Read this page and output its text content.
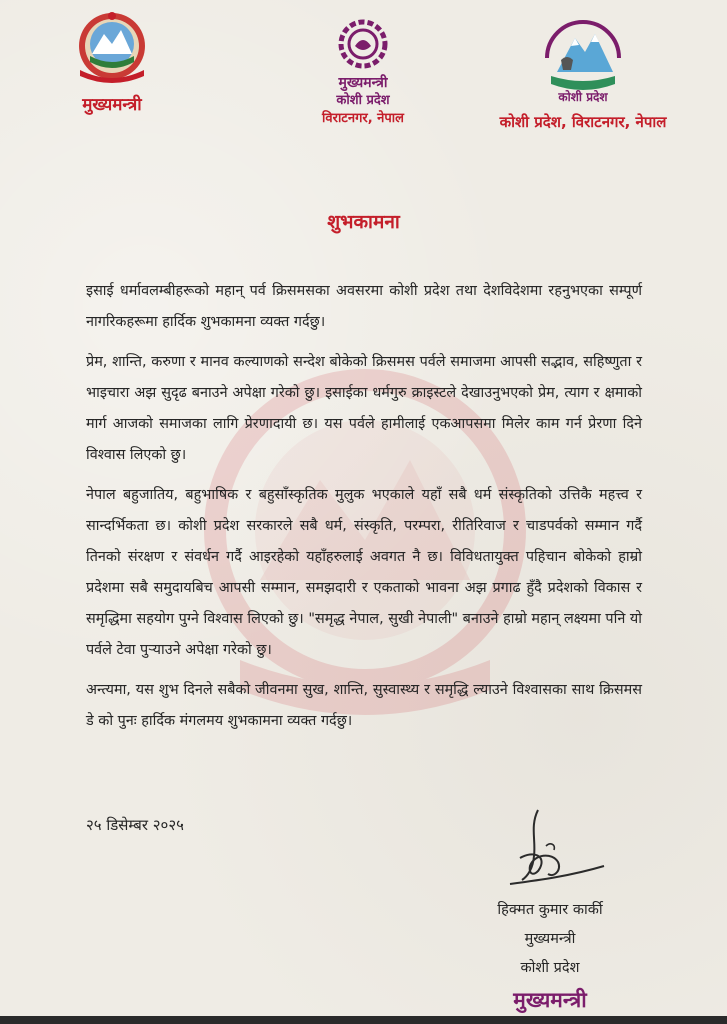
मुख्यमन्त्री
मुख्यमन्त्री
कोशी प्रदेश
विराटनगर, नेपाल
कोशी प्रदेश
कोशी प्रदेश, विराटनगर, नेपाल
शुभकामना

इसाई धर्मावलम्बीहरूको महान् पर्व क्रिसमसका अवसरमा कोशी प्रदेश तथा देशविदेशमा रहनुभएका सम्पूर्ण नागरिकहरूमा हार्दिक शुभकामना व्यक्त गर्दछु।

प्रेम, शान्ति, करुणा र मानव कल्याणको सन्देश बोकेको क्रिसमस पर्वले समाजमा आपसी सद्भाव, सहिष्णुता र भाइचारा अझ सुदृढ बनाउने अपेक्षा गरेको छु। इसाईका धर्मगुरु क्राइस्टले देखाउनुभएको प्रेम, त्याग र क्षमाको मार्ग आजको समाजका लागि प्रेरणादायी छ। यस पर्वले हामीलाई एकआपसमा मिलेर काम गर्न प्रेरणा दिने विश्वास लिएको छु।

नेपाल बहुजातिय, बहुभाषिक र बहुसाँस्कृतिक मुलुक भएकाले यहाँ सबै धर्म संस्कृतिको उत्तिकै महत्त्व र सान्दर्भिकता छ। कोशी प्रदेश सरकारले सबै धर्म, संस्कृति, परम्परा, रीतिरिवाज र चाडपर्वको सम्मान गर्दै तिनको संरक्षण र संवर्धन गर्दै आइरहेको यहाँहरुलाई अवगत नै छ। विविधतायुक्त पहिचान बोकेको हाम्रो प्रदेशमा सबै समुदायबिच आपसी सम्मान, समझदारी र एकताको भावना अझ प्रगाढ हुँदै प्रदेशको विकास र समृद्धिमा सहयोग पुग्ने विश्वास लिएको छु। "समृद्ध नेपाल, सुखी नेपाली" बनाउने हाम्रो महान् लक्ष्यमा पनि यो पर्वले टेवा पुऱ्याउने अपेक्षा गरेको छु।

अन्त्यमा, यस शुभ दिनले सबैको जीवनमा सुख, शान्ति, सुस्वास्थ्य र समृद्धि ल्याउने विश्वासका साथ क्रिसमस डे को पुनः हार्दिक मंगलमय शुभकामना व्यक्त गर्दछु।

२५ डिसेम्बर २०२५
हिक्मत कुमार कार्की
मुख्यमन्त्री
कोशी प्रदेश
मुख्यमन्त्री
